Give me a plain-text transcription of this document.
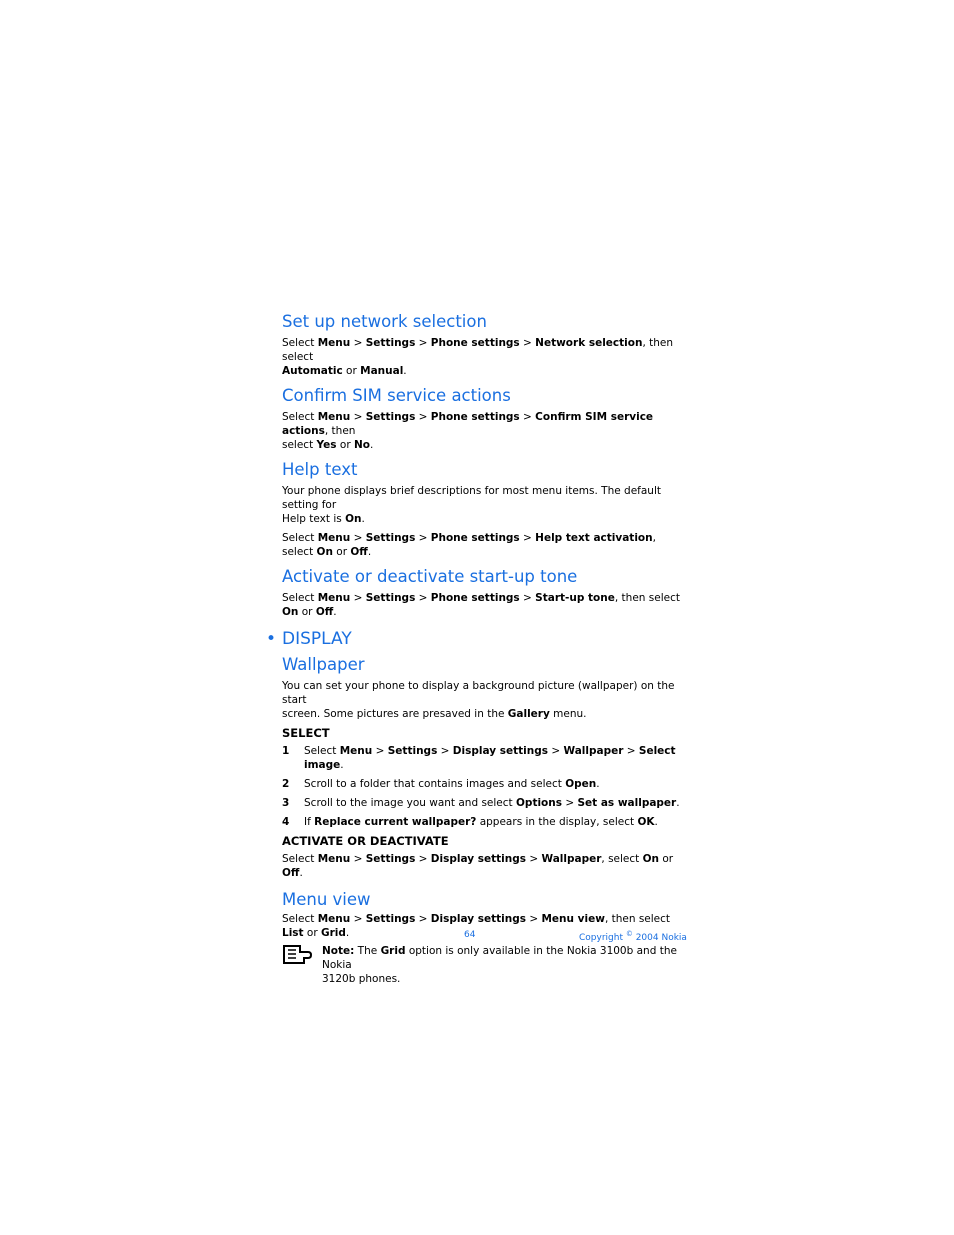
Set up network selection

Select Menu > Settings > Phone settings > Network selection, then select
Automatic or Manual.

Confirm SIM service actions

Select Menu > Settings > Phone settings > Confirm SIM service actions, then
select Yes or No.

Help text

Your phone displays brief descriptions for most menu items. The default setting for
Help text is On.

Select Menu > Settings > Phone settings > Help text activation, select On or Off.

Activate or deactivate start-up tone

Select Menu > Settings > Phone settings > Start-up tone, then select On or Off.

• DISPLAY
Wallpaper

You can set your phone to display a background picture (wallpaper) on the start
screen. Some pictures are presaved in the Gallery menu.

SELECT

1 Select Menu > Settings > Display settings > Wallpaper > Select image.

2 Scroll to a folder that contains images and select Open.

3 Scroll to the image you want and select Options > Set as wallpaper.

4 If Replace current wallpaper? appears in the display, select OK.

ACTIVATE OR DEACTIVATE

Select Menu > Settings > Display settings > Wallpaper, select On or Off.

Menu view

Select Menu > Settings > Display settings > Menu view, then select List or Grid.

Note: The Grid option is only available in the Nokia 3100b and the Nokia
3120b phones.
64	Copyright © 2004 Nokia
